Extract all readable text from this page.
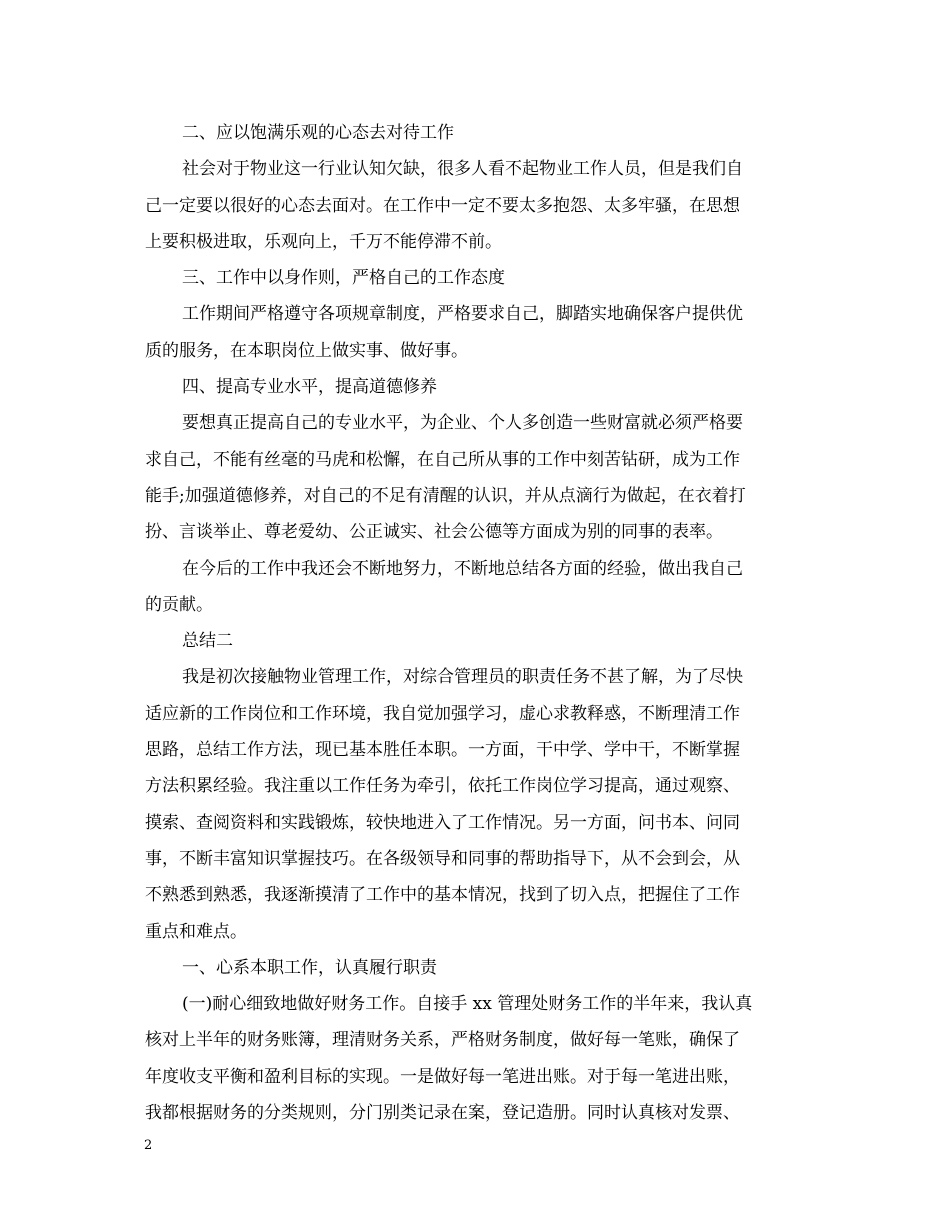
二、应以饱满乐观的心态去对待工作
社会对于物业这一行业认知欠缺，很多人看不起物业工作人员，但是我们自
己一定要以很好的心态去面对。在工作中一定不要太多抱怨、太多牢骚，在思想
上要积极进取，乐观向上，千万不能停滞不前。
三、工作中以身作则，严格自己的工作态度
工作期间严格遵守各项规章制度，严格要求自己，脚踏实地确保客户提供优
质的服务，在本职岗位上做实事、做好事。
四、提高专业水平，提高道德修养
要想真正提高自己的专业水平，为企业、个人多创造一些财富就必须严格要
求自己，不能有丝毫的马虎和松懈，在自己所从事的工作中刻苦钻研，成为工作
能手;加强道德修养，对自己的不足有清醒的认识，并从点滴行为做起，在衣着打
扮、言谈举止、尊老爱幼、公正诚实、社会公德等方面成为别的同事的表率。
在今后的工作中我还会不断地努力，不断地总结各方面的经验，做出我自己
的贡献。
总结二
我是初次接触物业管理工作，对综合管理员的职责任务不甚了解，为了尽快
适应新的工作岗位和工作环境，我自觉加强学习，虚心求教释惑，不断理清工作
思路，总结工作方法，现已基本胜任本职。一方面，干中学、学中干，不断掌握
方法积累经验。我注重以工作任务为牵引，依托工作岗位学习提高，通过观察、
摸索、查阅资料和实践锻炼，较快地进入了工作情况。另一方面，问书本、问同
事，不断丰富知识掌握技巧。在各级领导和同事的帮助指导下，从不会到会，从
不熟悉到熟悉，我逐渐摸清了工作中的基本情况，找到了切入点，把握住了工作
重点和难点。
一、心系本职工作，认真履行职责
(一)耐心细致地做好财务工作。自接手 xx 管理处财务工作的半年来，我认真
核对上半年的财务账簿，理清财务关系，严格财务制度，做好每一笔账，确保了
年度收支平衡和盈利目标的实现。一是做好每一笔进出账。对于每一笔进出账，
我都根据财务的分类规则，分门别类记录在案，登记造册。同时认真核对发票、
2
